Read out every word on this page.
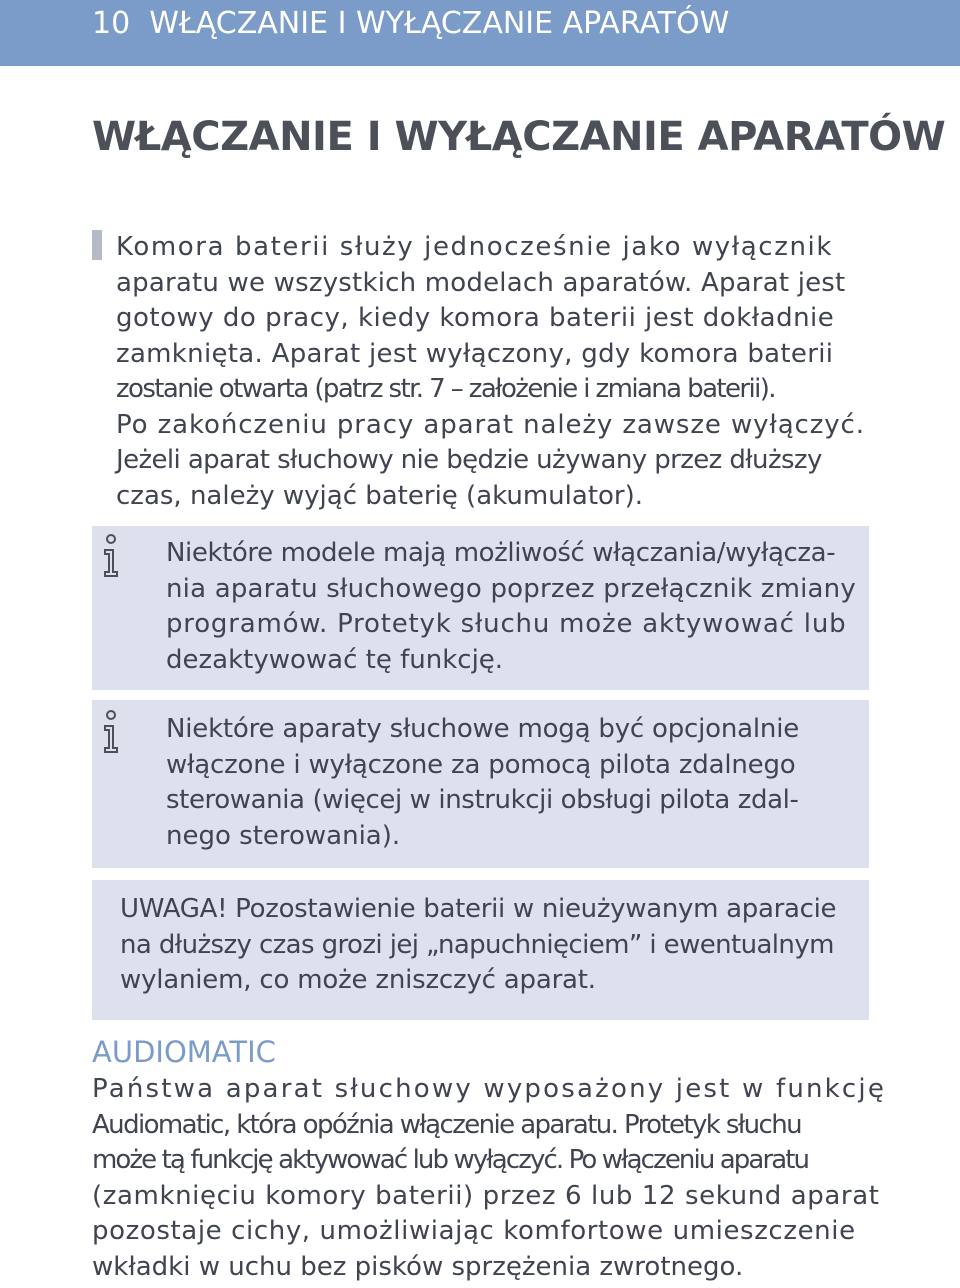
10 WŁĄCZANIE I WYŁĄCZANIE APARATÓW
WŁĄCZANIE I WYŁĄCZANIE APARATÓW
Komora baterii służy jednocześnie jako wyłącznik
aparatu we wszystkich modelach aparatów. Aparat jest
gotowy do pracy, kiedy komora baterii jest dokładnie
zamknięta. Aparat jest wyłączony, gdy komora baterii
zostanie otwarta (patrz str. 7 – założenie i zmiana baterii).
Po zakończeniu pracy aparat należy zawsze wyłączyć.
Jeżeli aparat słuchowy nie będzie używany przez dłuższy
czas, należy wyjąć baterię (akumulator).
Niektóre modele mają możliwość włączania/wyłącza-
nia aparatu słuchowego poprzez przełącznik zmiany
programów. Protetyk słuchu może aktywować lub
dezaktywować tę funkcję.
Niektóre aparaty słuchowe mogą być opcjonalnie
włączone i wyłączone za pomocą pilota zdalnego
sterowania (więcej w instrukcji obsługi pilota zdal-
nego sterowania).
UWAGA! Pozostawienie baterii w nieużywanym aparacie
na dłuższy czas grozi jej „napuchnięciem” i ewentualnym
wylaniem, co może zniszczyć aparat.
AUDIOMATIC
Państwa aparat słuchowy wyposażony jest w funkcję
Audiomatic, która opóźnia włączenie aparatu. Protetyk słuchu
może tą funkcję aktywować lub wyłączyć. Po włączeniu aparatu
(zamknięciu komory baterii) przez 6 lub 12 sekund aparat
pozostaje cichy, umożliwiając komfortowe umieszczenie
wkładki w uchu bez pisków sprzężenia zwrotnego.
